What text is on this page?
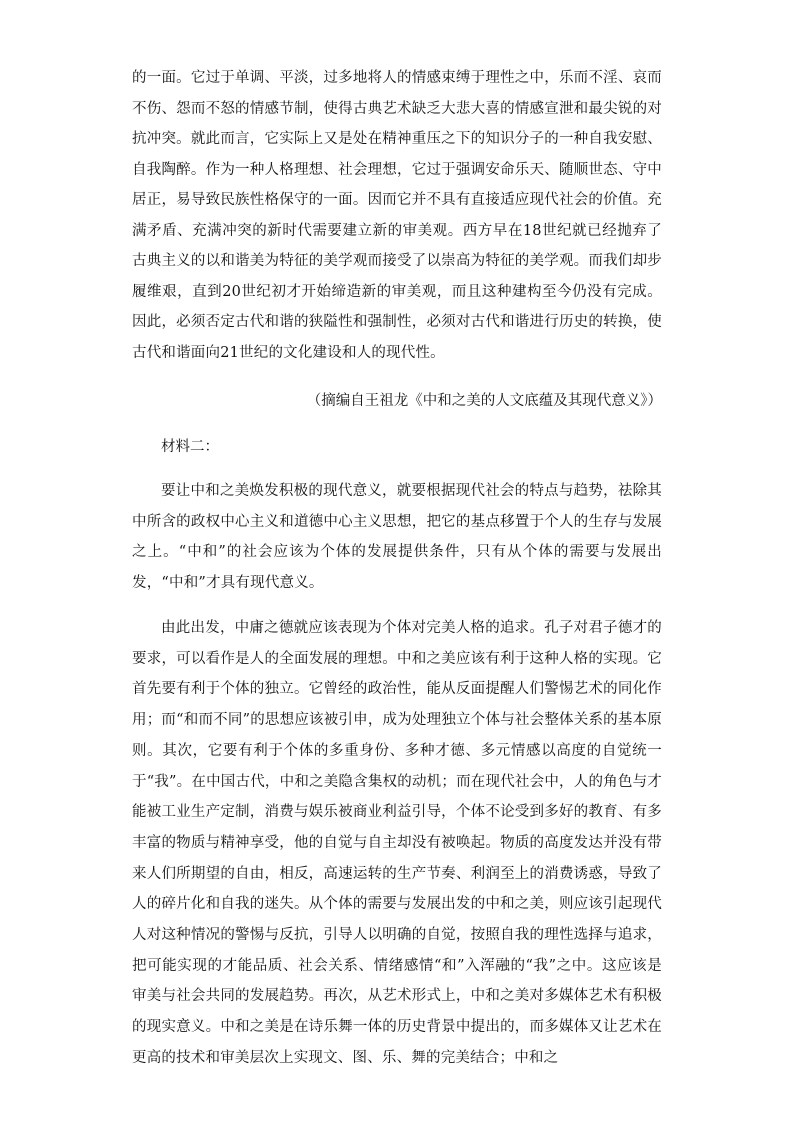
的一面。它过于单调、平淡，过多地将人的情感束缚于理性之中，乐而不淫、哀而不伤、怨而不怒的情感节制，使得古典艺术缺乏大悲大喜的情感宣泄和最尖锐的对抗冲突。就此而言，它实际上又是处在精神重压之下的知识分子的一种自我安慰、自我陶醉。作为一种人格理想、社会理想，它过于强调安命乐天、随顺世态、守中居正，易导致民族性格保守的一面。因而它并不具有直接适应现代社会的价值。充满矛盾、充满冲突的新时代需要建立新的审美观。西方早在18世纪就已经抛弃了古典主义的以和谐美为特征的美学观而接受了以崇高为特征的美学观。而我们却步履维艰，直到20世纪初才开始缔造新的审美观，而且这种建构至今仍没有完成。因此，必须否定古代和谐的狭隘性和强制性，必须对古代和谐进行历史的转换，使古代和谐面向21世纪的文化建设和人的现代性。

（摘编自王祖龙《中和之美的人文底蕴及其现代意义》）

材料二：

要让中和之美焕发积极的现代意义，就要根据现代社会的特点与趋势，祛除其中所含的政权中心主义和道德中心主义思想，把它的基点移置于个人的生存与发展之上。“中和”的社会应该为个体的发展提供条件，只有从个体的需要与发展出发，“中和”才具有现代意义。

由此出发，中庸之德就应该表现为个体对完美人格的追求。孔子对君子德才的要求，可以看作是人的全面发展的理想。中和之美应该有利于这种人格的实现。它首先要有利于个体的独立。它曾经的政治性，能从反面提醒人们警惕艺术的同化作用；而“和而不同”的思想应该被引申，成为处理独立个体与社会整体关系的基本原则。其次，它要有利于个体的多重身份、多种才德、多元情感以高度的自觉统一于“我”。在中国古代，中和之美隐含集权的动机；而在现代社会中，人的角色与才能被工业生产定制，消费与娱乐被商业利益引导，个体不论受到多好的教育、有多丰富的物质与精神享受，他的自觉与自主却没有被唤起。物质的高度发达并没有带来人们所期望的自由，相反，高速运转的生产节奏、利润至上的消费诱惑，导致了人的碎片化和自我的迷失。从个体的需要与发展出发的中和之美，则应该引起现代人对这种情况的警惕与反抗，引导人以明确的自觉，按照自我的理性选择与追求，把可能实现的才能品质、社会关系、情绪感情“和”入浑融的“我”之中。这应该是审美与社会共同的发展趋势。再次，从艺术形式上，中和之美对多媒体艺术有积极的现实意义。中和之美是在诗乐舞一体的历史背景中提出的，而多媒体又让艺术在更高的技术和审美层次上实现文、图、乐、舞的完美结合；中和之
